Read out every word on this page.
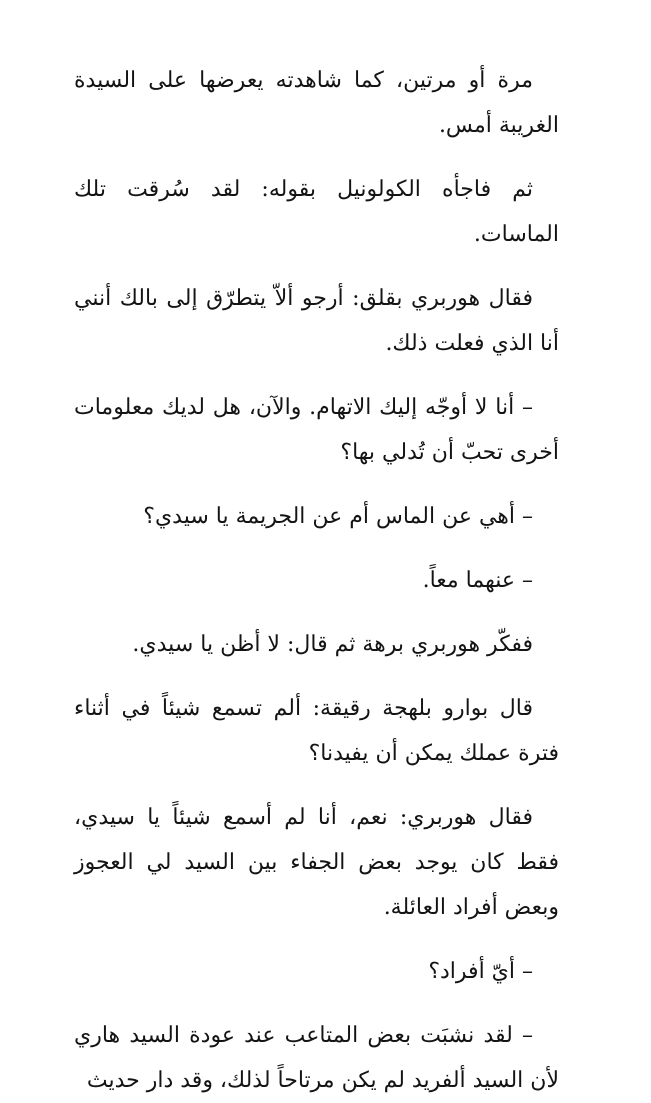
مرة أو مرتين، كما شاهدته يعرضها على السيدة الغريبة أمس.

ثم فاجأه الكولونيل بقوله: لقد سُرقت تلك الماسات.

فقال هوربري بقلق: أرجو ألاّ يتطرّق إلى بالك أنني أنا الذي فعلت ذلك.

– أنا لا أوجّه إليك الاتهام. والآن، هل لديك معلومات أخرى تحبّ أن تُدلي بها؟

– أهي عن الماس أم عن الجريمة يا سيدي؟

– عنهما معاً.

ففكّر هوربري برهة ثم قال: لا أظن يا سيدي.

قال بوارو بلهجة رقيقة: ألم تسمع شيئاً في أثناء فترة عملك يمكن أن يفيدنا؟

فقال هوربري: نعم، أنا لم أسمع شيئاً يا سيدي، فقط كان يوجد بعض الجفاء بين السيد لي العجوز وبعض أفراد العائلة.

– أيّ أفراد؟

– لقد نشبَت بعض المتاعب عند عودة السيد هاري لأن السيد ألفريد لم يكن مرتاحاً لذلك، وقد دار حديث
